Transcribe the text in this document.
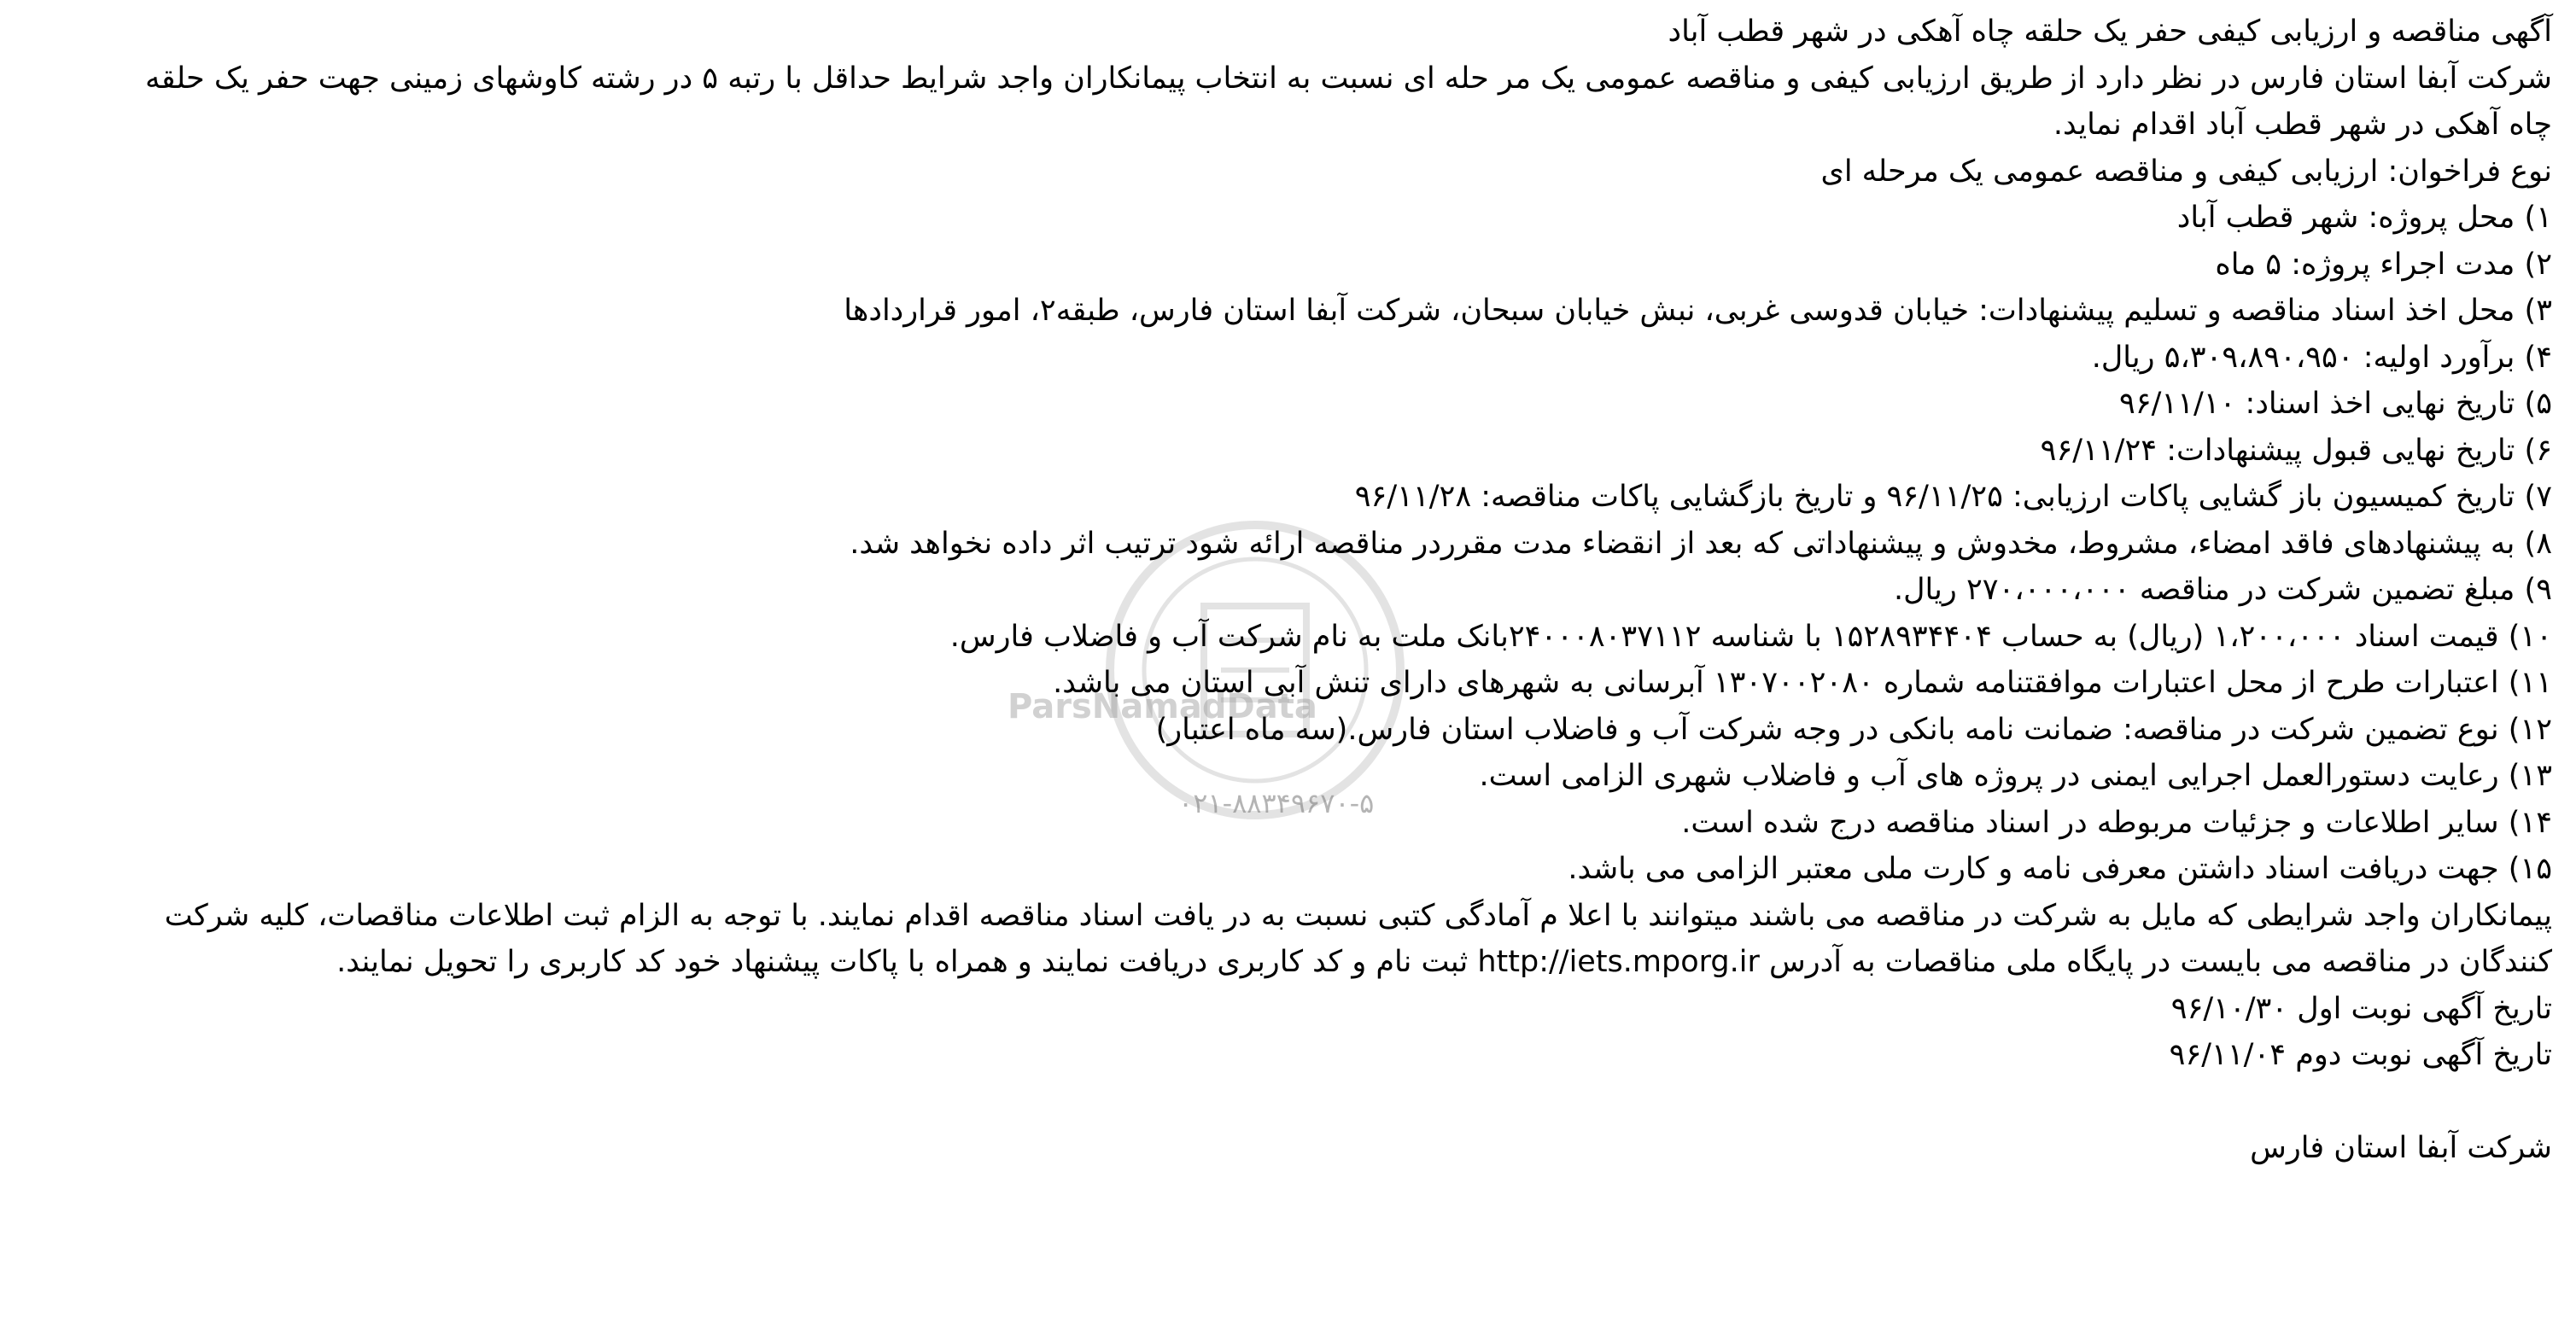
ParsNamadData
۰۲۱-۸۸۳۴۹۶۷۰-۵
آگهی مناقصه و ارزیابی کیفی حفر یک حلقه چاه آهکی در شهر قطب آباد
شرکت آبفا استان فارس در نظر دارد از طریق ارزیابی کیفی و مناقصه عمومی یک مر حله ای نسبت به انتخاب پیمانکاران واجد شرایط حداقل با رتبه ۵ در رشته کاوشهای زمینی جهت حفر یک حلقه چاه آهکی در شهر قطب آباد اقدام نماید.
نوع فراخوان: ارزیابی کیفی و مناقصه عمومی یک مرحله ای
۱) محل پروژه: شهر قطب آباد
۲) مدت اجراء پروژه: ۵ ماه
۳) محل اخذ اسناد مناقصه و تسلیم پیشنهادات: خیابان قدوسی غربی، نبش خیابان سبحان، شرکت آبفا استان فارس، طبقه۲، امور قراردادها
۴) برآورد اولیه: ۵،۳۰۹،۸۹۰،۹۵۰ ریال.
۵) تاریخ نهایی اخذ اسناد: ۹۶/۱۱/۱۰
۶) تاریخ نهایی قبول پیشنهادات: ۹۶/۱۱/۲۴
۷) تاریخ کمیسیون باز گشایی پاکات ارزیابی: ۹۶/۱۱/۲۵ و تاریخ بازگشایی پاکات مناقصه: ۹۶/۱۱/۲۸
۸) به پیشنهادهای فاقد امضاء، مشروط، مخدوش و پیشنهاداتی که بعد از انقضاء مدت مقرردر مناقصه ارائه شود ترتیب اثر داده نخواهد شد.
۹) مبلغ تضمین شرکت در مناقصه ۲۷۰،۰۰۰،۰۰۰ ریال.
۱۰) قیمت اسناد ۱،۲۰۰،۰۰۰ (ریال) به حساب ۱۵۲۸۹۳۴۴۰۴ با شناسه ۲۴۰۰۰۸۰۳۷۱۱۲بانک ملت به نام شرکت آب و فاضلاب فارس.
۱۱) اعتبارات طرح از محل اعتبارات موافقتنامه شماره ۱۳۰۷۰۰۲۰۸۰ آبرسانی به شهرهای دارای تنش آبی استان می باشد.
۱۲) نوع تضمین شرکت در مناقصه: ضمانت نامه بانکی در وجه شرکت آب و فاضلاب استان فارس.(سه ماه اعتبار)
۱۳) رعایت دستورالعمل اجرایی ایمنی در پروژه های آب و فاضلاب شهری الزامی است.
۱۴) سایر اطلاعات و جزئیات مربوطه در اسناد مناقصه درج شده است.
۱۵) جهت دریافت اسناد داشتن معرفی نامه و کارت ملی معتبر الزامی می باشد.
پیمانکاران واجد شرایطی که مایل به شرکت در مناقصه می باشند میتوانند با اعلا م آمادگی کتبی نسبت به در یافت اسناد مناقصه اقدام نمایند. با توجه به الزام ثبت اطلاعات مناقصات، کلیه شرکت کنندگان در مناقصه می بایست در پایگاه ملی مناقصات به آدرس http://iets.mporg.ir ثبت نام و کد کاربری دریافت نمایند و همراه با پاکات پیشنهاد خود کد کاربری را تحویل نمایند.
تاریخ آگهی نوبت اول ۹۶/۱۰/۳۰
تاریخ آگهی نوبت دوم ۹۶/۱۱/۰۴
شرکت آبفا استان فارس
